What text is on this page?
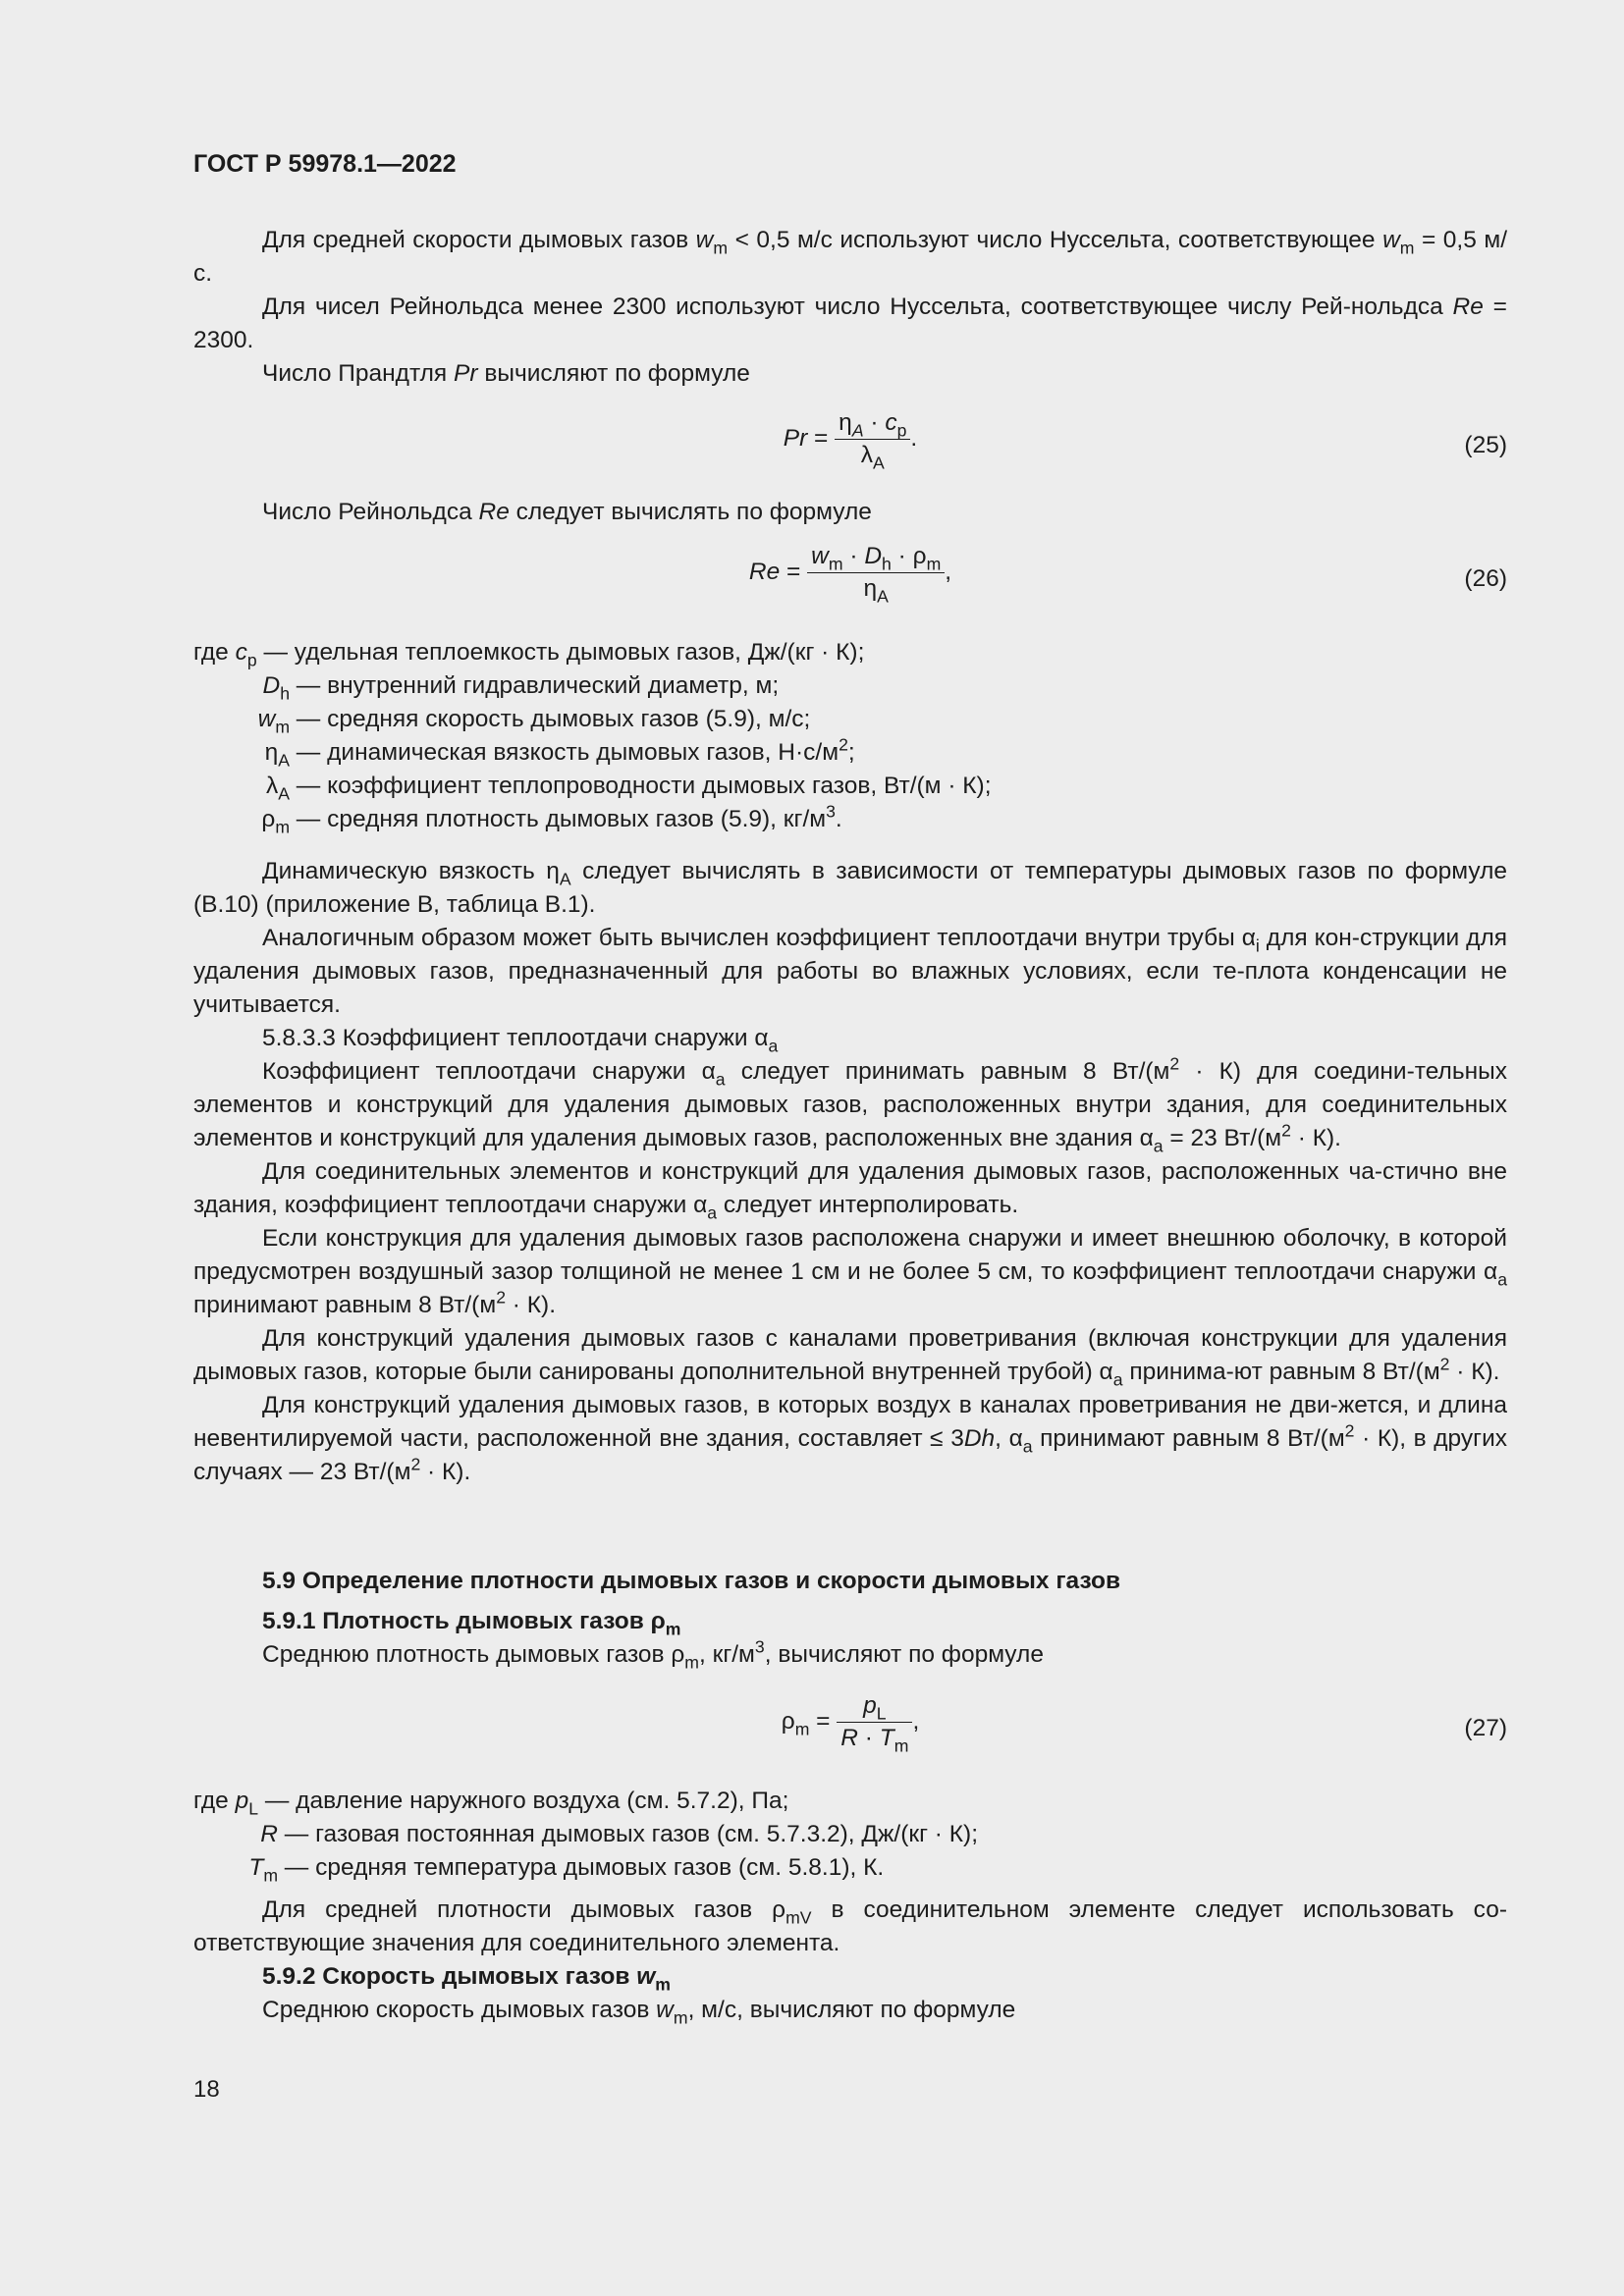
ГОСТ Р 59978.1—2022

Для средней скорости дымовых газов $w_m < 0,5$ м/с используют число Нуссельта, соответствующее $w_m = 0,5$ м/с.

Для чисел Рейнольдса менее 2300 используют число Нуссельта, соответствующее числу Рей-нольдса Re = 2300.

Число Прандтля Pr вычисляют по формуле

$Pr = \frac{\eta_A \cdot c_p}{\lambda_A}$ .	(25)

Число Рейнольдса Re следует вычислять по формуле

$Re = \frac{w_m \cdot D_h \cdot \rho_m}{\eta_A}$ ,	(26)
где $c_p$ — удельная теплоемкость дымовых газов, Дж/(кг · К);
$D_h$ — внутренний гидравлический диаметр, м;
$w_m$ — средняя скорость дымовых газов (5.9), м/с;
$\eta_A$ — динамическая вязкость дымовых газов, $Н\cdot с/м^2$;
$\lambda_A$ — коэффициент теплопроводности дымовых газов, Вт/(м · К);
$\rho_m$ — средняя плотность дымовых газов (5.9), $кг/м^3$.

Динамическую вязкость $\eta_A$ следует вычислять в зависимости от температуры дымовых газов по формуле (В.10) (приложение В, таблица В.1).

Аналогичным образом может быть вычислен коэффициент теплоотдачи внутри трубы $\alpha_i$ для кон-струкции для удаления дымовых газов, предназначенный для работы во влажных условиях, если те-плота конденсации не учитывается.

5.8.3.3 Коэффициент теплоотдачи снаружи $\alpha_a$

Коэффициент теплоотдачи снаружи $\alpha_a$ следует принимать равным 8 $Вт/(м^2 \cdot К)$ для соедини-тельных элементов и конструкций для удаления дымовых газов, расположенных внутри здания, для соединительных элементов и конструкций для удаления дымовых газов, расположенных вне здания $\alpha_a = 23$ $Вт/(м^2 \cdot К)$.

Для соединительных элементов и конструкций для удаления дымовых газов, расположенных ча-стично вне здания, коэффициент теплоотдачи снаружи $\alpha_a$ следует интерполировать.

Если конструкция для удаления дымовых газов расположена снаружи и имеет внешнюю оболочку, в которой предусмотрен воздушный зазор толщиной не менее 1 см и не более 5 см, то коэффициент теплоотдачи снаружи $\alpha_a$ принимают равным 8 $Вт/(м^2 \cdot К)$.

Для конструкций удаления дымовых газов с каналами проветривания (включая конструкции для удаления дымовых газов, которые были санированы дополнительной внутренней трубой) $\alpha_a$ принима-ют равным 8 $Вт/(м^2 \cdot К)$.

Для конструкций удаления дымовых газов, в которых воздух в каналах проветривания не дви-жется, и длина невентилируемой части, расположенной вне здания, составляет ≤ 3Dh, $\alpha_a$ принимают равным 8 $Вт/(м^2 \cdot К)$, в других случаях — 23 $Вт/(м^2 \cdot К)$.

5.9 Определение плотности дымовых газов и скорости дымовых газов

5.9.1 Плотность дымовых газов $\rho_m$

Среднюю плотность дымовых газов $\rho_m$, $кг/м^3$, вычисляют по формуле

$\rho_m = \frac{p_L}{R \cdot T_m}$ ,	(27)
где $p_L$ — давление наружного воздуха (см. 5.7.2), Па;
R — газовая постоянная дымовых газов (см. 5.7.3.2), Дж/(кг · К);
$T_m$ — средняя температура дымовых газов (см. 5.8.1), К.

Для средней плотности дымовых газов $\rho_{mV}$ в соединительном элементе следует использовать со-ответствующие значения для соединительного элемента.

5.9.2 Скорость дымовых газов $w_m$

Среднюю скорость дымовых газов $w_m$, м/с, вычисляют по формуле

18
